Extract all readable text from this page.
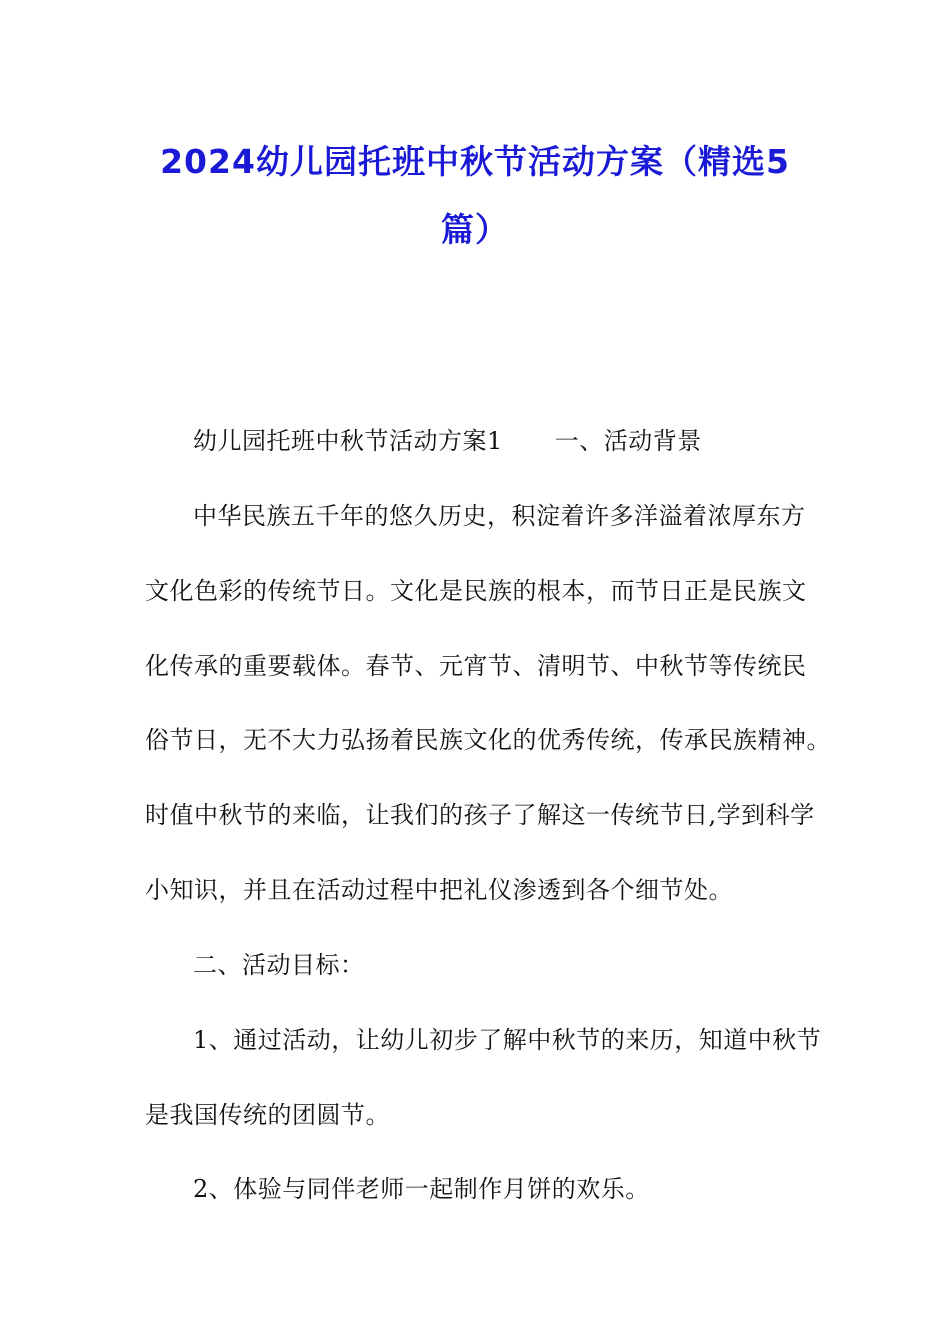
2024幼儿园托班中秋节活动方案（精选5
篇）
幼儿园托班中秋节活动方案1 一、活动背景
中华民族五千年的悠久历史，积淀着许多洋溢着浓厚东方
文化色彩的传统节日。文化是民族的根本，而节日正是民族文
化传承的重要载体。春节、元宵节、清明节、中秋节等传统民
俗节日，无不大力弘扬着民族文化的优秀传统，传承民族精神。
时值中秋节的来临，让我们的孩子了解这一传统节日,学到科学
小知识，并且在活动过程中把礼仪渗透到各个细节处。
二、活动目标：
1、通过活动，让幼儿初步了解中秋节的来历，知道中秋节
是我国传统的团圆节。
2、体验与同伴老师一起制作月饼的欢乐。
